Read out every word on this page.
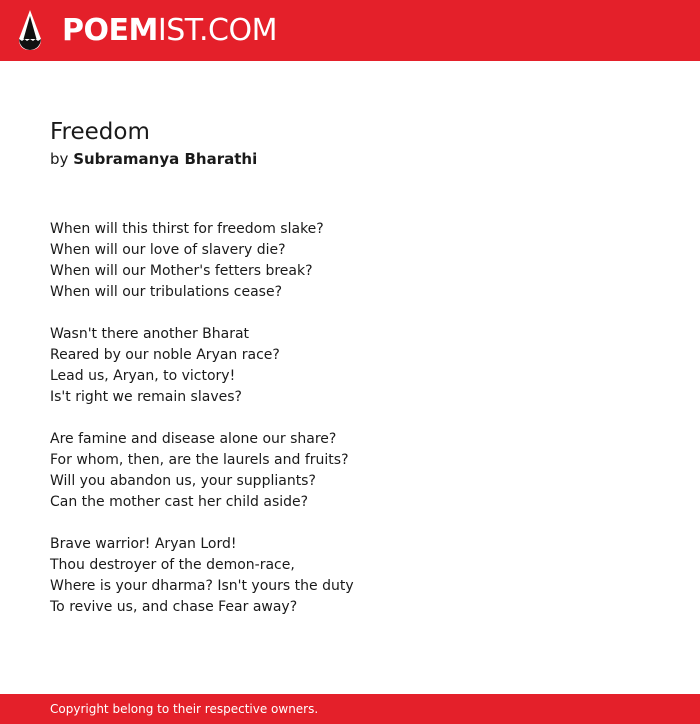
POEMIST.COM
Freedom
by Subramanya Bharathi
When will this thirst for freedom slake?
When will our love of slavery die?
When will our Mother's fetters break?
When will our tribulations cease?
Wasn't there another Bharat
Reared by our noble Aryan race?
Lead us, Aryan, to victory!
Is't right we remain slaves?
Are famine and disease alone our share?
For whom, then, are the laurels and fruits?
Will you abandon us, your suppliants?
Can the mother cast her child aside?
Brave warrior! Aryan Lord!
Thou destroyer of the demon-race,
Where is your dharma? Isn't yours the duty
To revive us, and chase Fear away?
Copyright belong to their respective owners.
